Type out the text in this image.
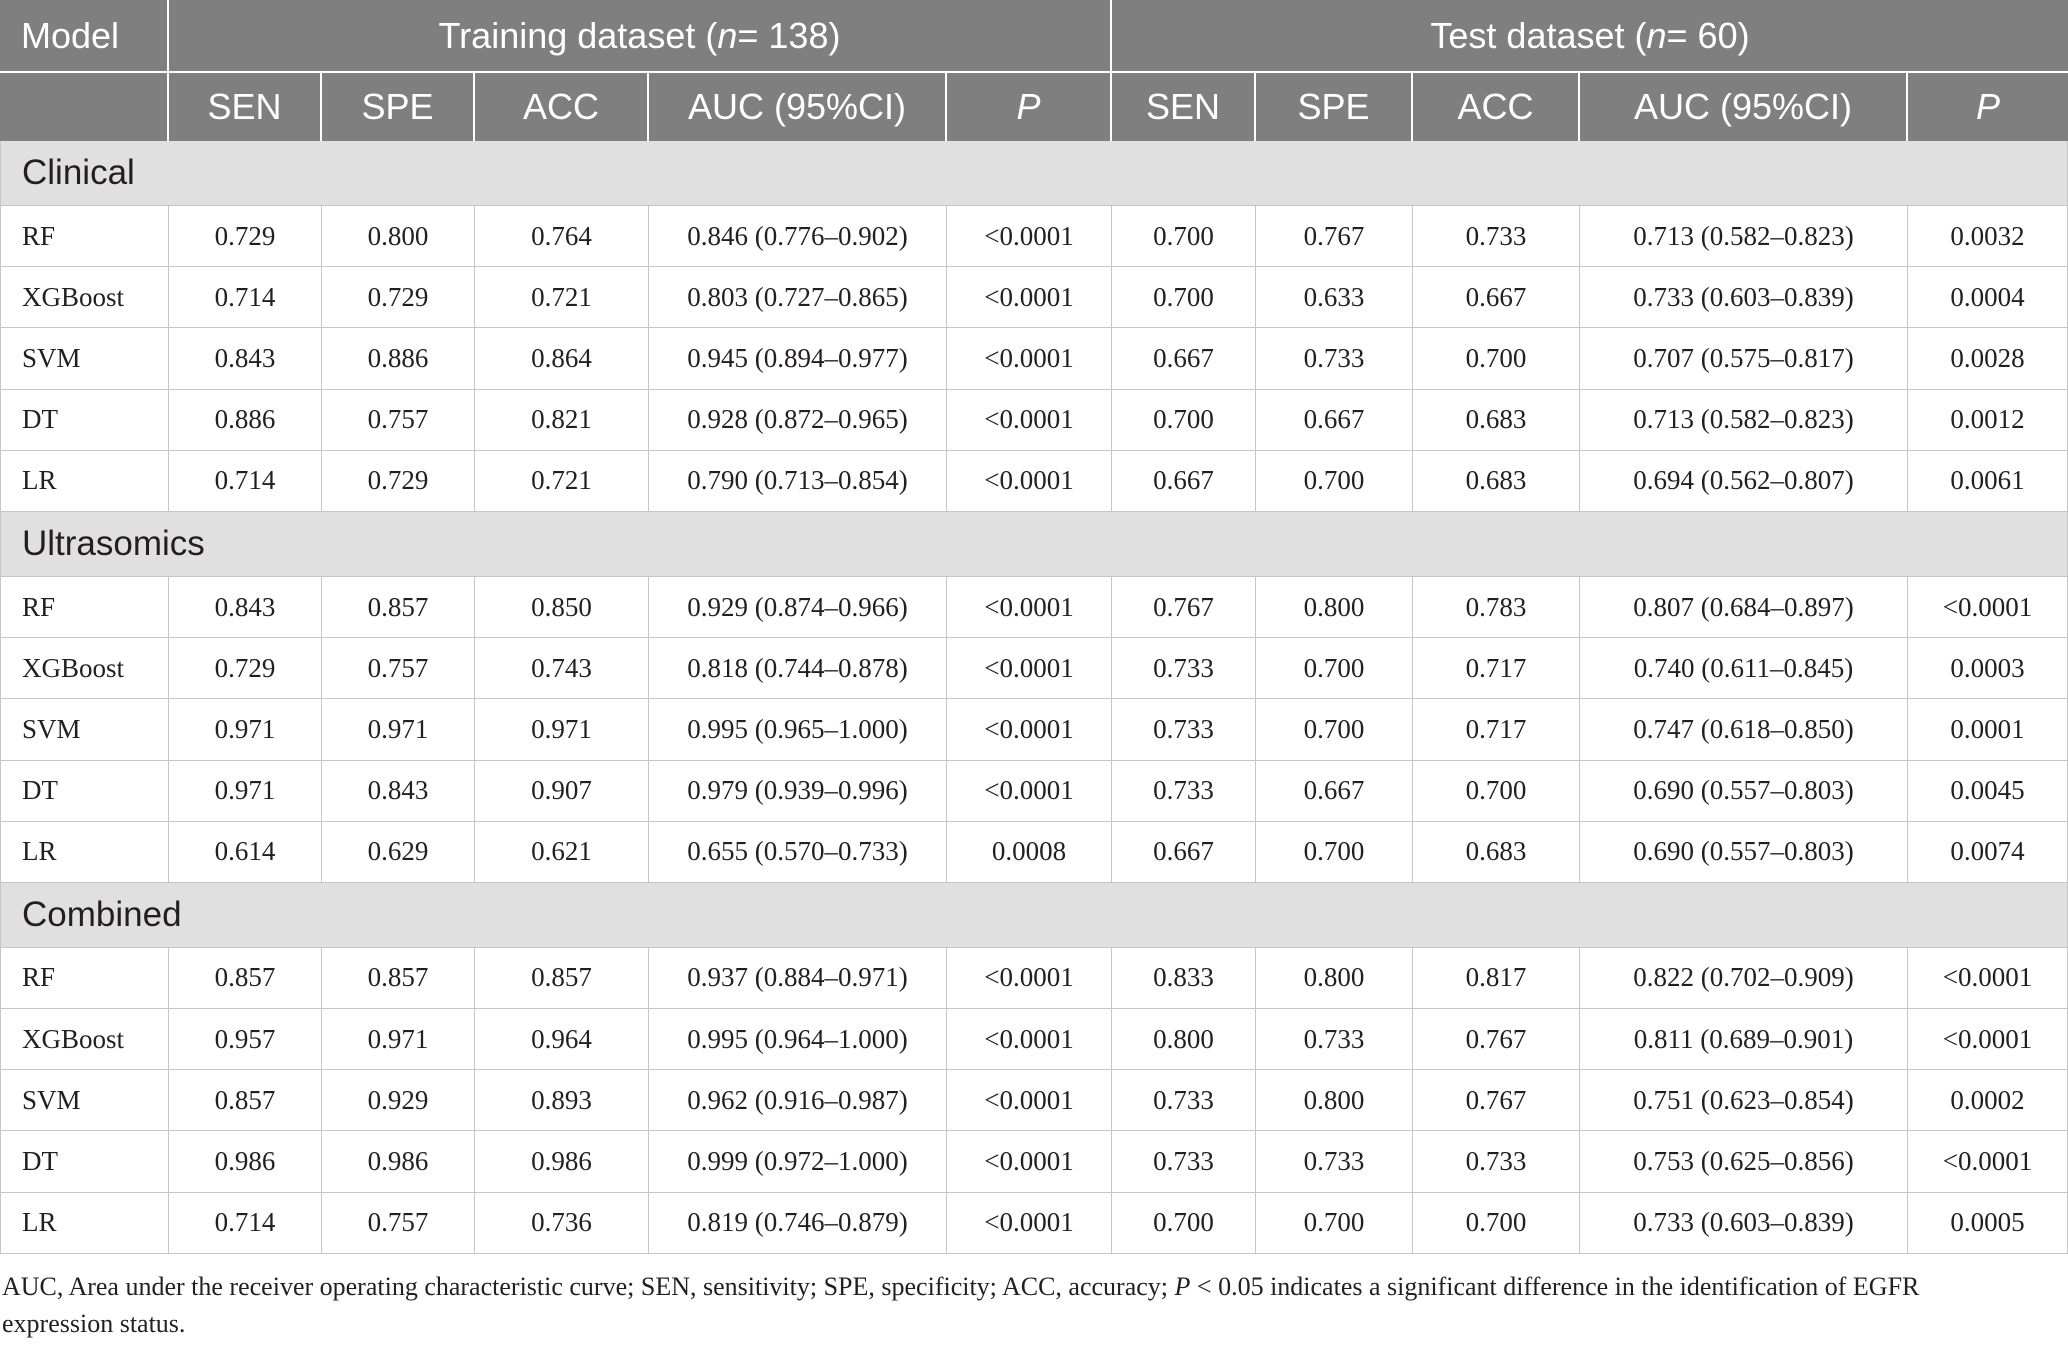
Model	Training dataset ( n = 138)	Test dataset ( n = 60)
SEN	SPE	ACC	AUC (95%CI)	P	SEN	SPE	ACC	AUC (95%CI)	P
Clinical
RF	0.729	0.800	0.764	0.846 (0.776–0.902)	<0.0001	0.700	0.767	0.733	0.713 (0.582–0.823)	0.0032
XGBoost	0.714	0.729	0.721	0.803 (0.727–0.865)	<0.0001	0.700	0.633	0.667	0.733 (0.603–0.839)	0.0004
SVM	0.843	0.886	0.864	0.945 (0.894–0.977)	<0.0001	0.667	0.733	0.700	0.707 (0.575–0.817)	0.0028
DT	0.886	0.757	0.821	0.928 (0.872–0.965)	<0.0001	0.700	0.667	0.683	0.713 (0.582–0.823)	0.0012
LR	0.714	0.729	0.721	0.790 (0.713–0.854)	<0.0001	0.667	0.700	0.683	0.694 (0.562–0.807)	0.0061
Ultrasomics
RF	0.843	0.857	0.850	0.929 (0.874–0.966)	<0.0001	0.767	0.800	0.783	0.807 (0.684–0.897)	<0.0001
XGBoost	0.729	0.757	0.743	0.818 (0.744–0.878)	<0.0001	0.733	0.700	0.717	0.740 (0.611–0.845)	0.0003
SVM	0.971	0.971	0.971	0.995 (0.965–1.000)	<0.0001	0.733	0.700	0.717	0.747 (0.618–0.850)	0.0001
DT	0.971	0.843	0.907	0.979 (0.939–0.996)	<0.0001	0.733	0.667	0.700	0.690 (0.557–0.803)	0.0045
LR	0.614	0.629	0.621	0.655 (0.570–0.733)	0.0008	0.667	0.700	0.683	0.690 (0.557–0.803)	0.0074
Combined
RF	0.857	0.857	0.857	0.937 (0.884–0.971)	<0.0001	0.833	0.800	0.817	0.822 (0.702–0.909)	<0.0001
XGBoost	0.957	0.971	0.964	0.995 (0.964–1.000)	<0.0001	0.800	0.733	0.767	0.811 (0.689–0.901)	<0.0001
SVM	0.857	0.929	0.893	0.962 (0.916–0.987)	<0.0001	0.733	0.800	0.767	0.751 (0.623–0.854)	0.0002
DT	0.986	0.986	0.986	0.999 (0.972–1.000)	<0.0001	0.733	0.733	0.733	0.753 (0.625–0.856)	<0.0001
LR	0.714	0.757	0.736	0.819 (0.746–0.879)	<0.0001	0.700	0.700	0.700	0.733 (0.603–0.839)	0.0005
AUC, Area under the receiver operating characteristic curve; SEN, sensitivity; SPE, specificity; ACC, accuracy; P < 0.05 indicates a significant difference in the identification of EGFR
expression status.
